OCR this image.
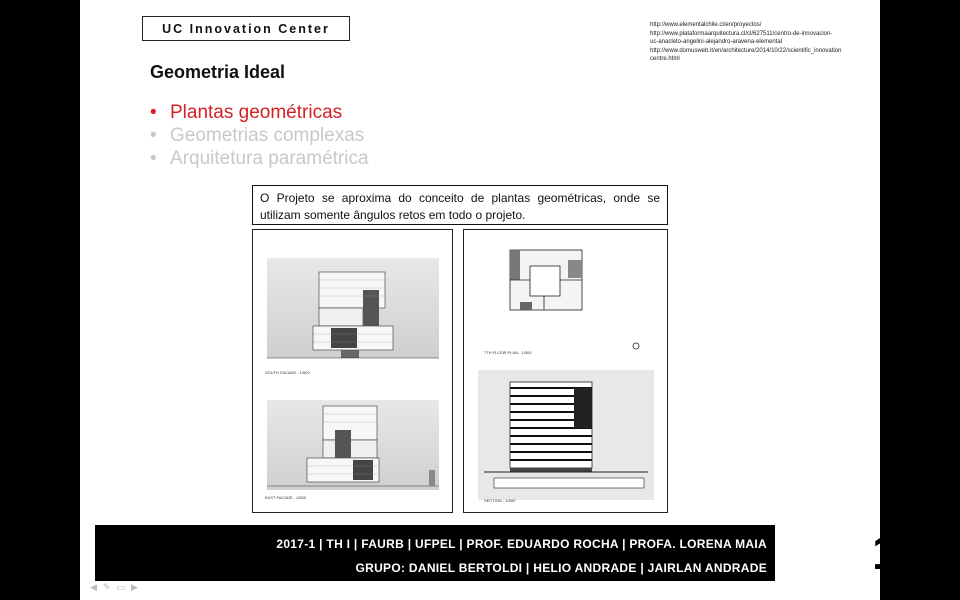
UC Innovation Center	http://www.elementalchile.cl/en/proyectos/
http://www.plataformaarquitectura.cl/cl/627511/centro-de-innovacion-
uc-anacleto-angelini-alejandro-aravena-elemental
http://www.domusweb.it/en/architecture/2014/10/22/scientific_innovation
centre.html
Geometria Ideal
• Plantas geométricas
• Geometrias complexas
• Arquitetura paramétrica
O Projeto se aproxima do conceito de plantas geométricas, onde se utilizam somente ângulos retos em todo o projeto.
SOUTH FACADE - 1/500
EAST FACADE - 1/500
7TH FLOOR PLAN - 1/500
SECTION - 1/500
10
2017-1 | TH I | FAURB | UFPEL | PROF. EDUARDO ROCHA | PROFA. LORENA MAIA
GRUPO: DANIEL BERTOLDI | HELIO ANDRADE | JAIRLAN ANDRADE
◀✎▭▶
